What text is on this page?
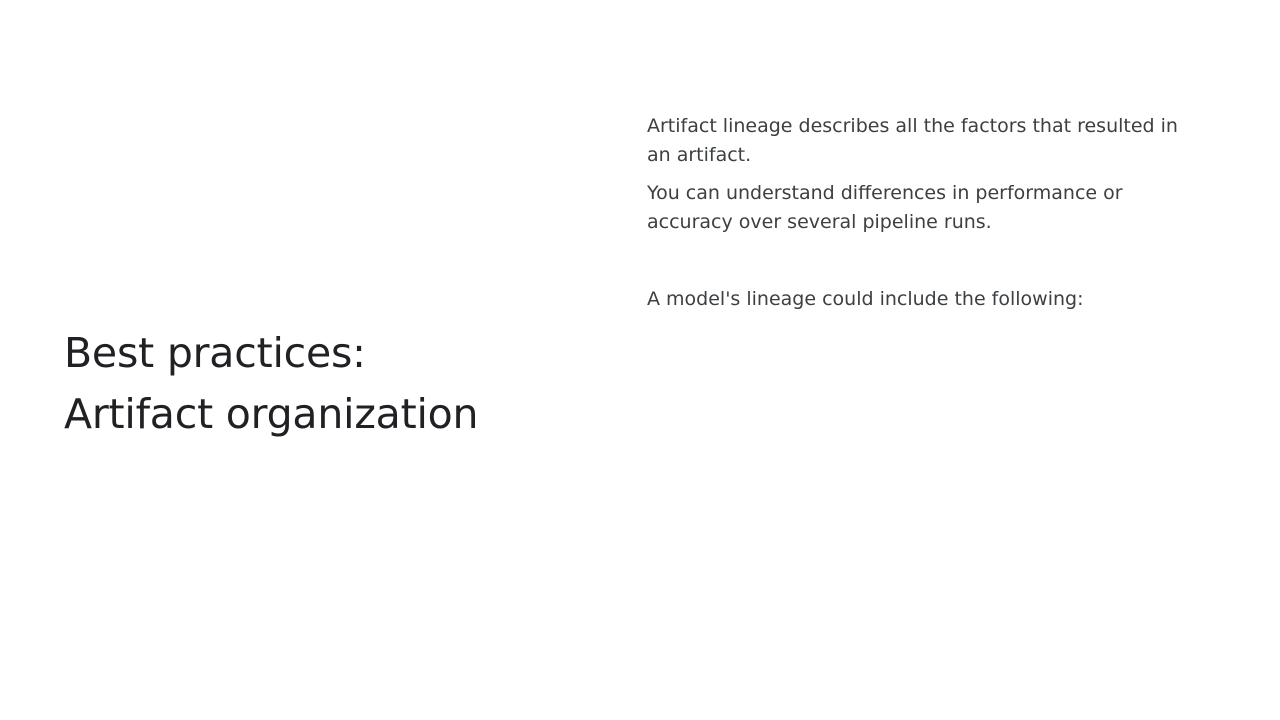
Best practices:
Artifact organization

Artifact lineage describes all the factors that resulted in an artifact.

You can understand differences in performance or accuracy over several pipeline runs.

A model's lineage could include the following:
